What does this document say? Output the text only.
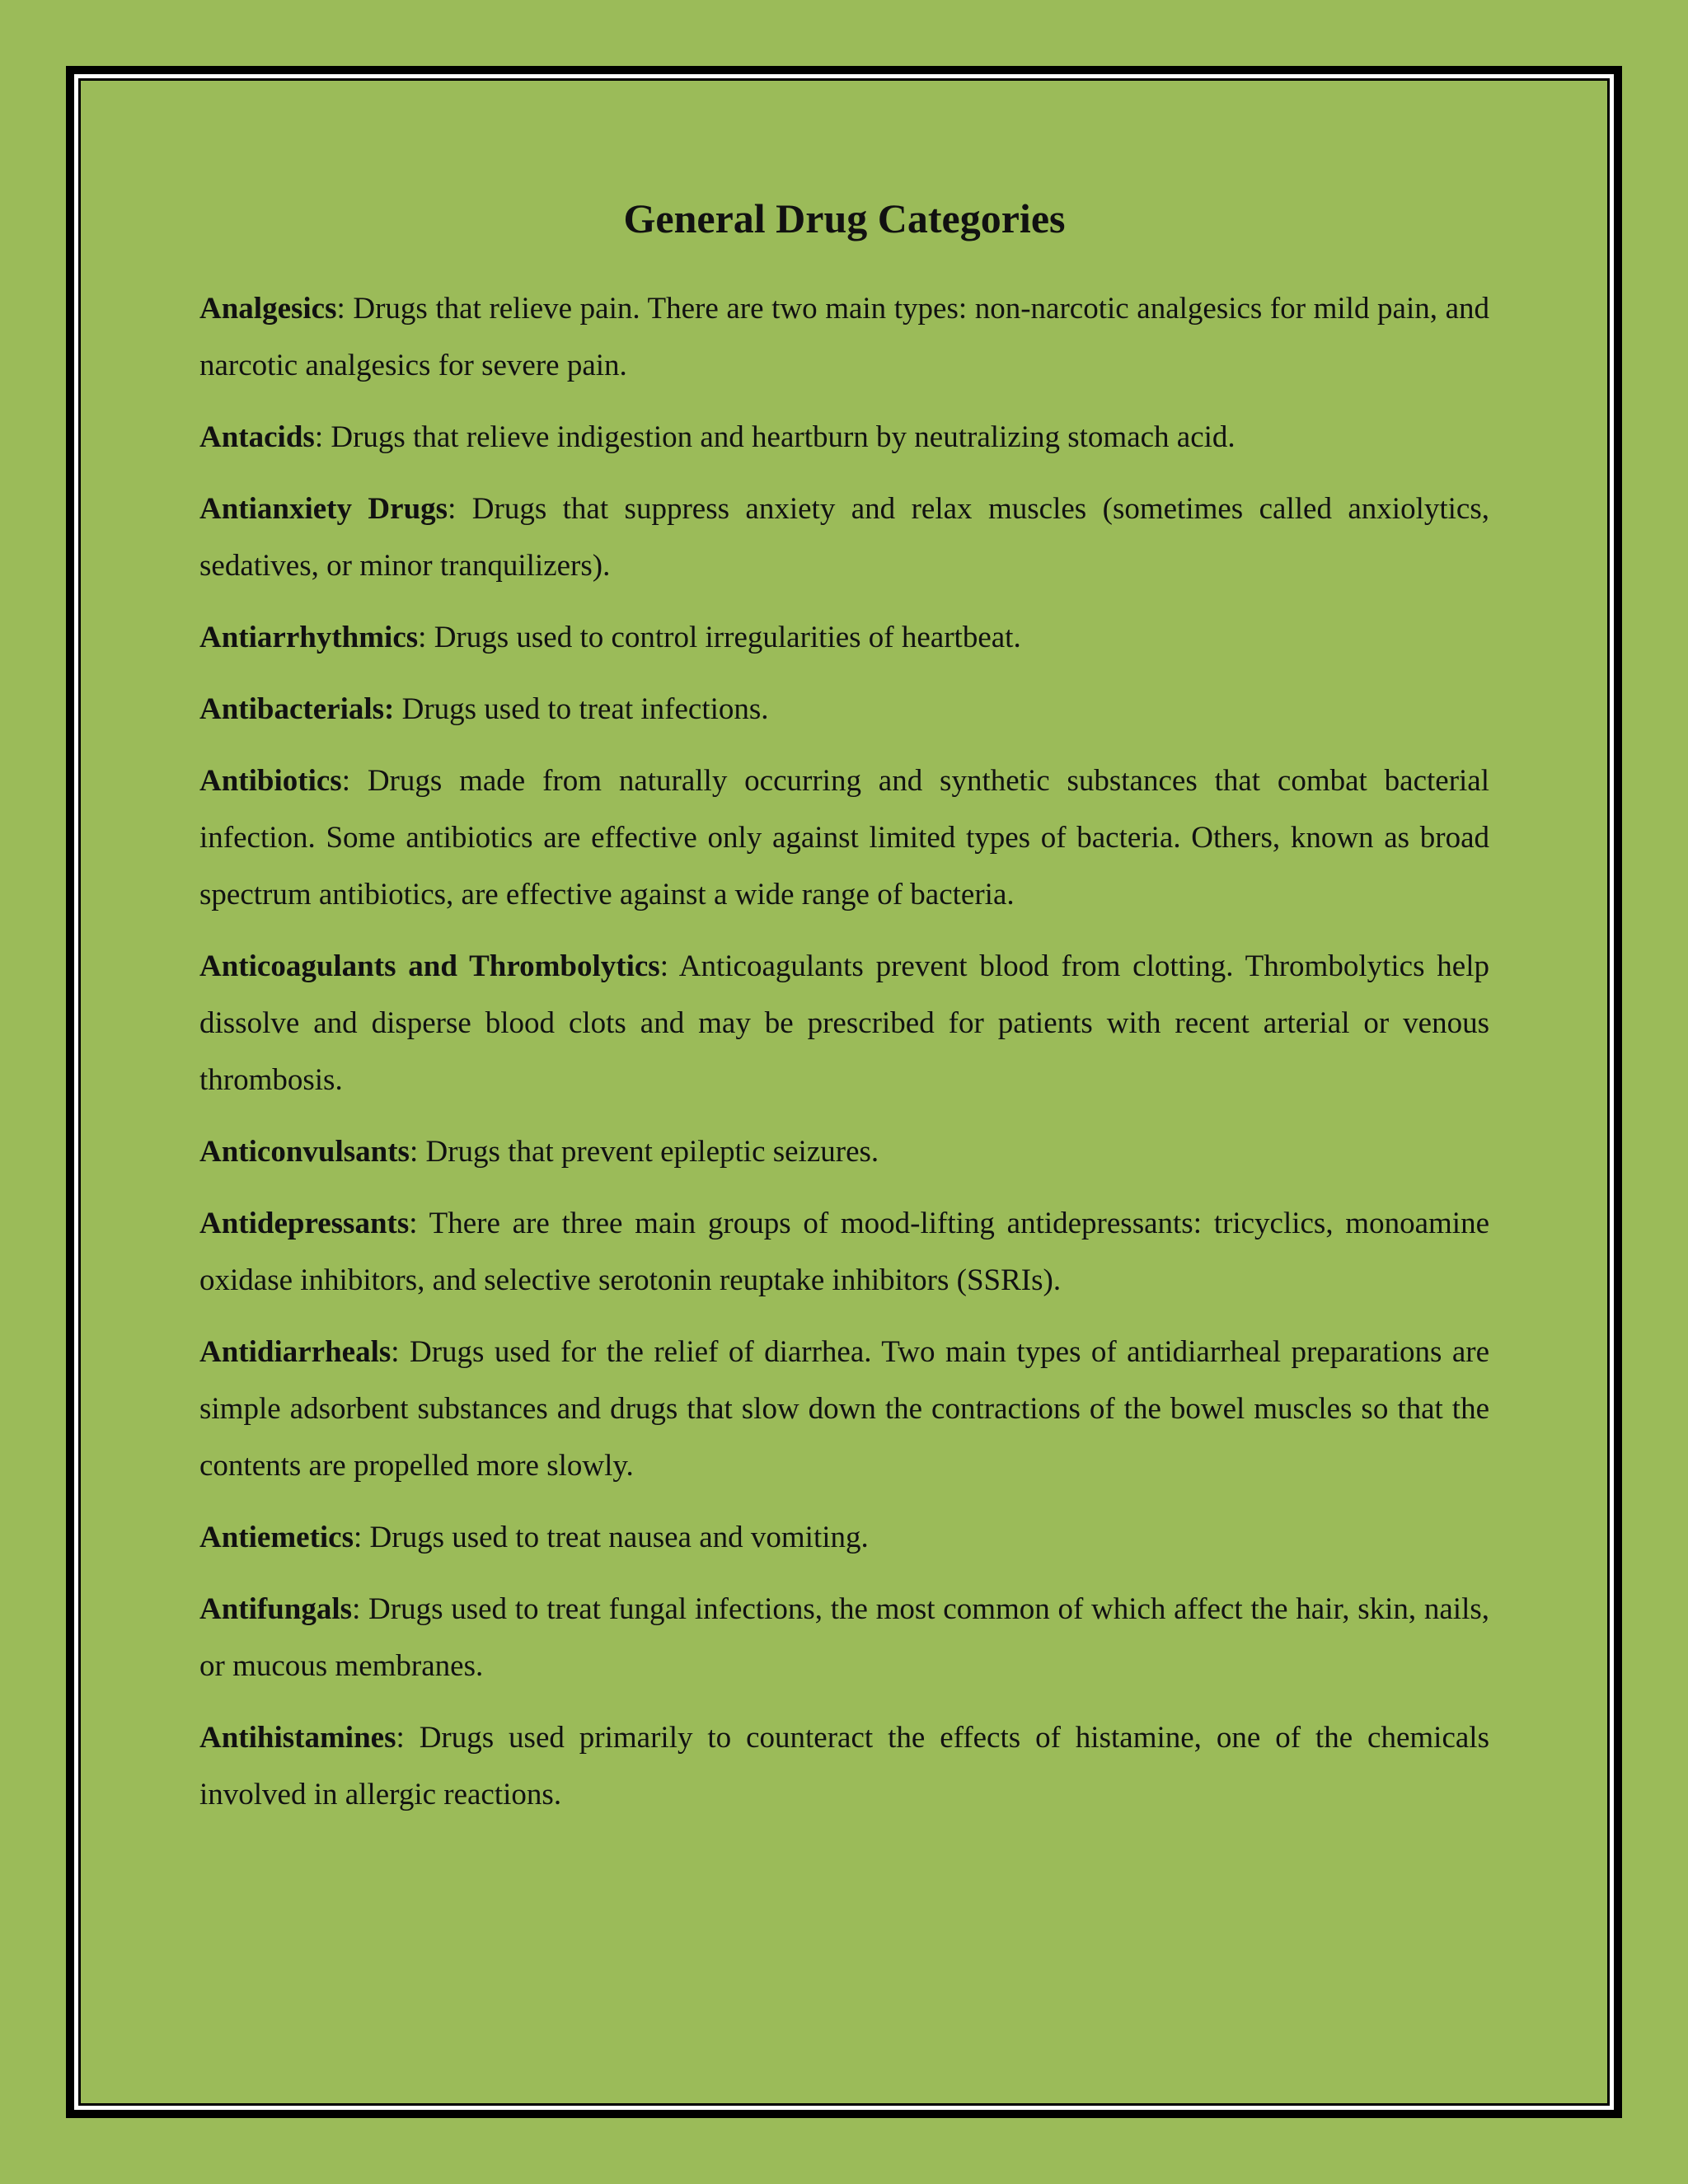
General Drug Categories

Analgesics: Drugs that relieve pain. There are two main types: non-narcotic analgesics for mild pain, and narcotic analgesics for severe pain.

Antacids: Drugs that relieve indigestion and heartburn by neutralizing stomach acid.

Antianxiety Drugs: Drugs that suppress anxiety and relax muscles (sometimes called anxiolytics, sedatives, or minor tranquilizers).

Antiarrhythmics: Drugs used to control irregularities of heartbeat.

Antibacterials: Drugs used to treat infections.

Antibiotics: Drugs made from naturally occurring and synthetic substances that combat bacterial infection. Some antibiotics are effective only against limited types of bacteria. Others, known as broad spectrum antibiotics, are effective against a wide range of bacteria.

Anticoagulants and Thrombolytics: Anticoagulants prevent blood from clotting. Thrombolytics help dissolve and disperse blood clots and may be prescribed for patients with recent arterial or venous thrombosis.

Anticonvulsants: Drugs that prevent epileptic seizures.

Antidepressants: There are three main groups of mood-lifting antidepressants: tricyclics, monoamine oxidase inhibitors, and selective serotonin reuptake inhibitors (SSRIs).

Antidiarrheals: Drugs used for the relief of diarrhea. Two main types of antidiarrheal preparations are simple adsorbent substances and drugs that slow down the contractions of the bowel muscles so that the contents are propelled more slowly.

Antiemetics: Drugs used to treat nausea and vomiting.

Antifungals: Drugs used to treat fungal infections, the most common of which affect the hair, skin, nails, or mucous membranes.

Antihistamines: Drugs used primarily to counteract the effects of histamine, one of the chemicals involved in allergic reactions.
